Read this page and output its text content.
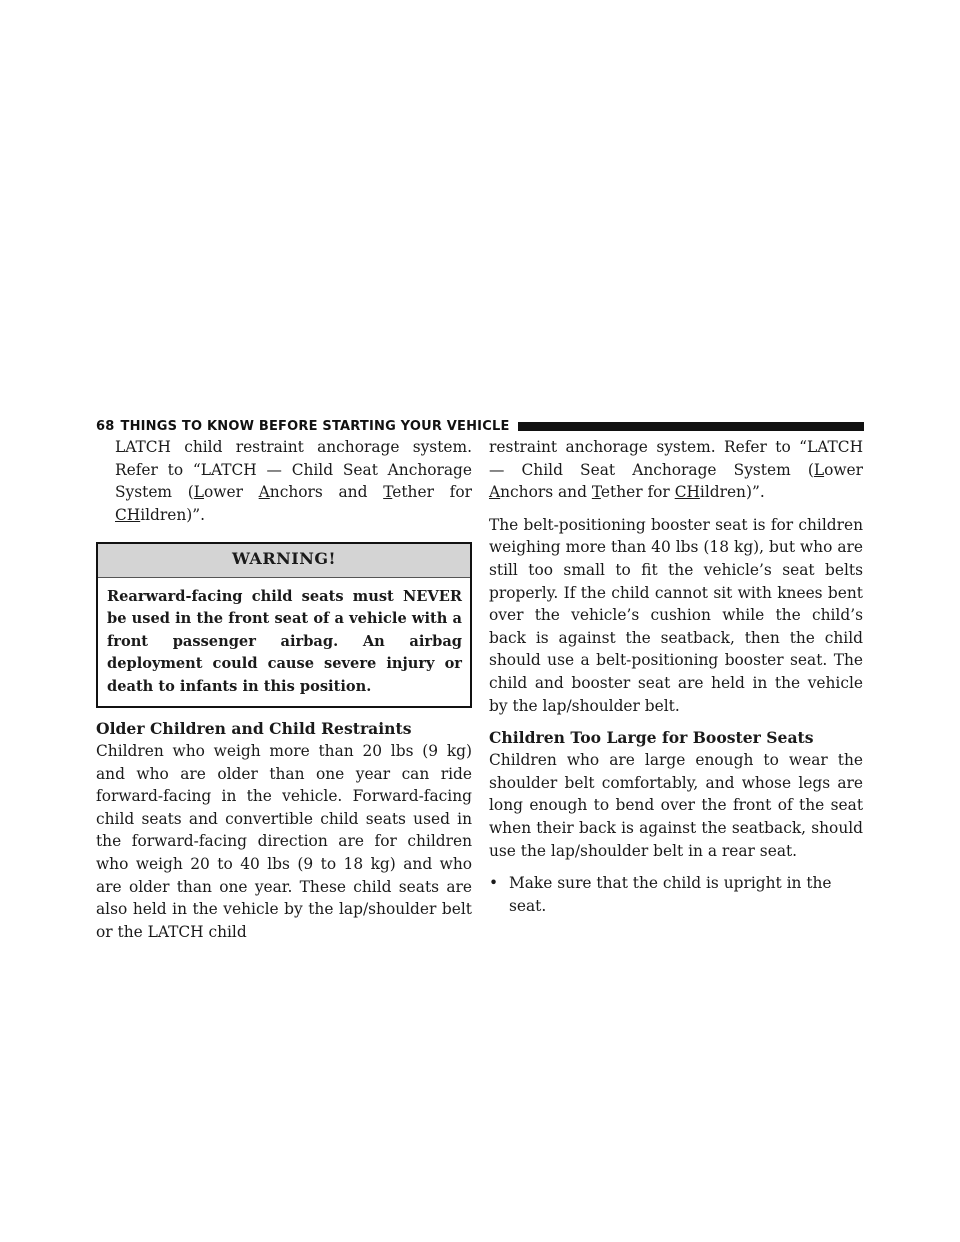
68 THINGS TO KNOW BEFORE STARTING YOUR VEHICLE

LATCH child restraint anchorage system. Refer to “LATCH — Child Seat Anchorage System (Lower Anchors and Tether for CHildren)”.

WARNING!
Rearward-facing child seats must NEVER be used in the front seat of a vehicle with a front passenger airbag. An airbag deployment could cause severe injury or death to infants in this position.
Older Children and Child Restraints

Children who weigh more than 20 lbs (9 kg) and who are older than one year can ride forward-facing in the vehicle. Forward-facing child seats and convertible child seats used in the forward-facing direction are for children who weigh 20 to 40 lbs (9 to 18 kg) and who are older than one year. These child seats are also held in the vehicle by the lap/shoulder belt or the LATCH child

restraint anchorage system. Refer to “LATCH — Child Seat Anchorage System (Lower Anchors and Tether for CHildren)”.

The belt-positioning booster seat is for children weighing more than 40 lbs (18 kg), but who are still too small to fit the vehicle’s seat belts properly. If the child cannot sit with knees bent over the vehicle’s cushion while the child’s back is against the seatback, then the child should use a belt-positioning booster seat. The child and booster seat are held in the vehicle by the lap/shoulder belt.

Children Too Large for Booster Seats

Children who are large enough to wear the shoulder belt comfortably, and whose legs are long enough to bend over the front of the seat when their back is against the seatback, should use the lap/shoulder belt in a rear seat.

• Make sure that the child is upright in the seat.
